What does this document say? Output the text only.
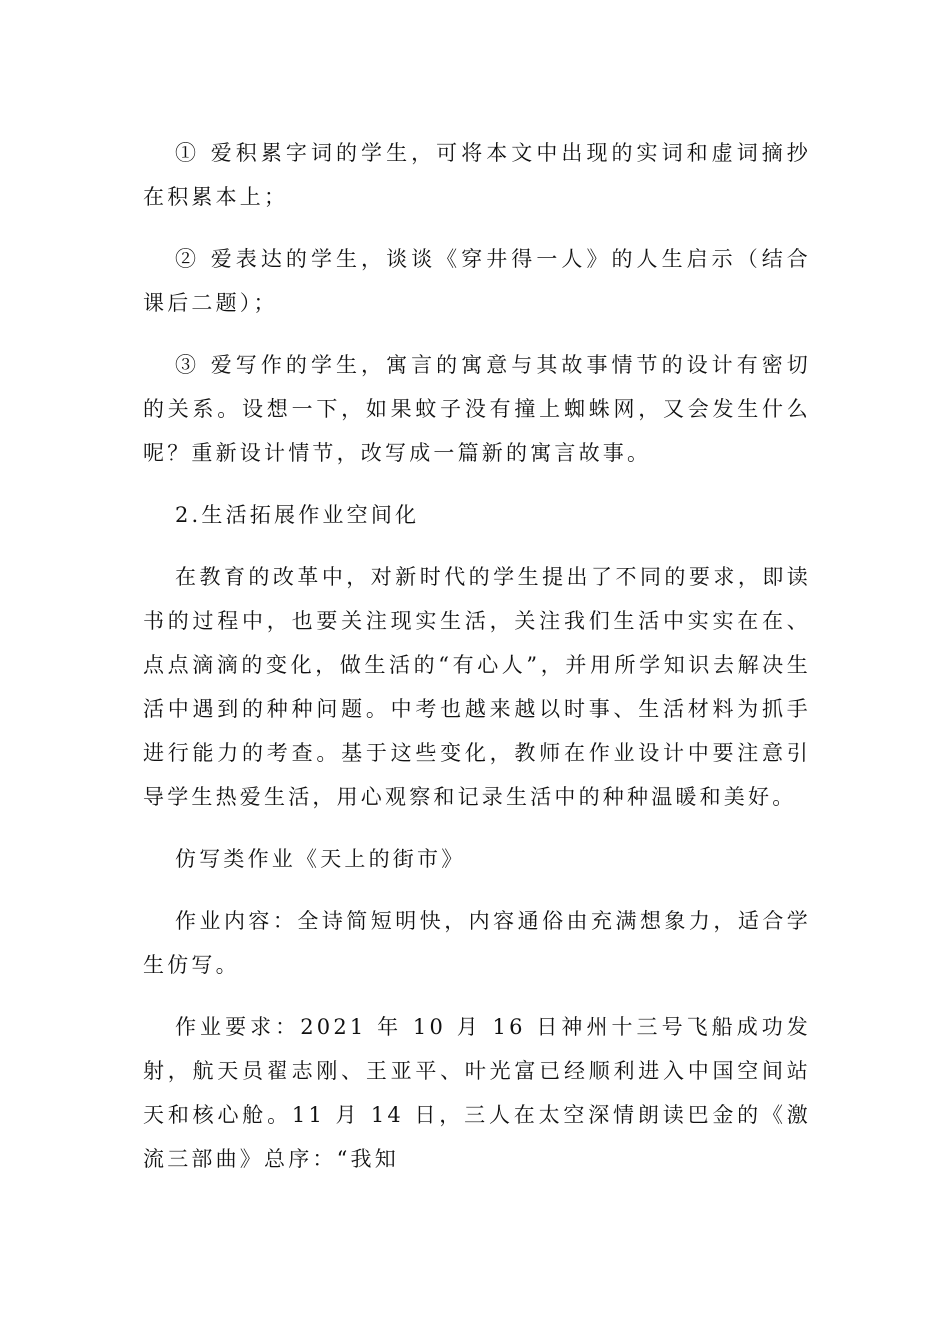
① 爱积累字词的学生，可将本文中出现的实词和虚词摘抄在积累本上；

② 爱表达的学生，谈谈《穿井得一人》的人生启示（结合课后二题）；

③ 爱写作的学生，寓言的寓意与其故事情节的设计有密切的关系。设想一下，如果蚊子没有撞上蜘蛛网，又会发生什么呢？重新设计情节，改写成一篇新的寓言故事。

2.生活拓展作业空间化

在教育的改革中，对新时代的学生提出了不同的要求，即读书的过程中，也要关注现实生活，关注我们生活中实实在在、点点滴滴的变化，做生活的“有心人”，并用所学知识去解决生活中遇到的种种问题。中考也越来越以时事、生活材料为抓手进行能力的考查。基于这些变化，教师在作业设计中要注意引导学生热爱生活，用心观察和记录生活中的种种温暖和美好。

仿写类作业《天上的街市》

作业内容：全诗简短明快，内容通俗由充满想象力，适合学生仿写。

作业要求：2021 年 10 月 16 日神州十三号飞船成功发射，航天员翟志刚、王亚平、叶光富已经顺利进入中国空间站天和核心舱。11 月 14 日，三人在太空深情朗读巴金的《激流三部曲》总序：“我知
